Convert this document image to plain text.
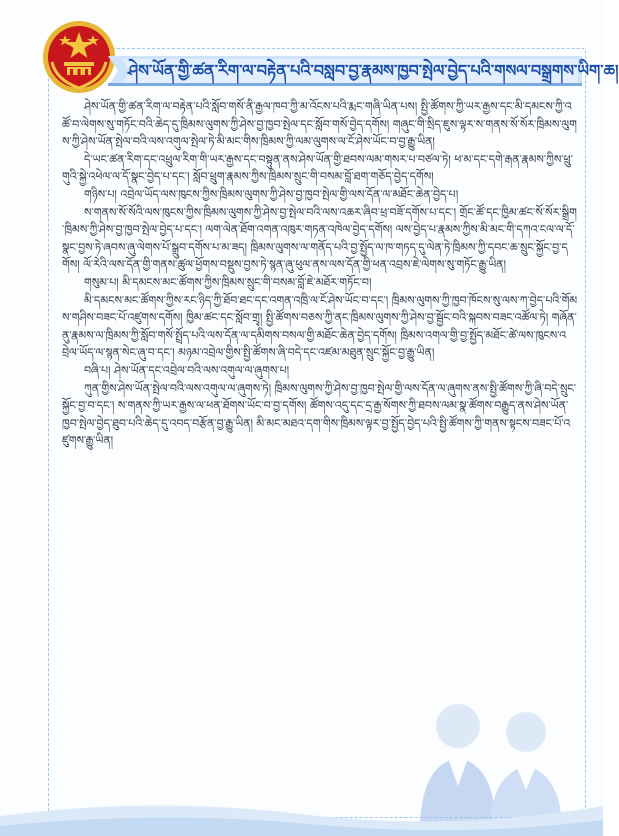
ཤེས་ཡོན་གྱི་ཚན་རིག་ལ་བརྟེན་པའི་བསླབ་བྱ་རྣམས་ཁྱབ་སྤེལ་བྱེད་པའི་གསལ་བསྒྲགས་ཡིག་ཆ།

ཤེས་ཡོན་གྱི་ཚན་རིག་ལ་བརྟེན་པའི་སློབ་གསོ་ནི་རྒྱལ་ཁབ་ཀྱི་མ་འོངས་པའི་རྨང་གཞི་ཡིན་པས། སྤྱི་ཚོགས་ཀྱི་ཡར་རྒྱས་དང་མི་དམངས་ཀྱི་འཚོ་བ་ལེགས་སུ་གཏོང་བའི་ཆེད་དུ་ཁྲིམས་ལུགས་ཀྱི་ཤེས་བྱ་ཁྱབ་སྤེལ་དང་སློབ་གསོ་བྱེད་དགོས། གཞུང་གི་སྲིད་ཇུས་ལྟར་ས་གནས་སོ་སོར་ཁྲིམས་ལུགས་ཀྱི་ཤེས་ཡོན་སྤེལ་བའི་ལས་འགུལ་སྤེལ་ཏེ་མི་མང་གིས་ཁྲིམས་ཀྱི་ལམ་ལུགས་ལ་ངོ་ཤེས་ཡོང་བ་བྱ་རྒྱུ་ཡིན།

དེ་ཡང་ཚན་རིག་དང་འཕྲུལ་རིག་གི་ཡར་རྒྱས་དང་བསྟུན་ནས་ཤེས་ཡོན་གྱི་ཐབས་ལམ་གསར་པ་བཙལ་ཏེ། ཕ་མ་དང་དགེ་རྒན་རྣམས་ཀྱིས་ཕྲུ་གུའི་སྐྱེ་འཕེལ་ལ་དོ་སྣང་བྱེད་པ་དང་། སློབ་ཕྲུག་རྣམས་ཀྱིས་ཁྲིམས་སྲུང་གི་བསམ་བློ་ཐག་གཅོད་བྱེད་དགོས།

གཉིས་པ། འབྲེལ་ཡོད་ལས་ཁུངས་ཀྱིས་ཁྲིམས་ལུགས་ཀྱི་ཤེས་བྱ་ཁྱབ་སྤེལ་གྱི་ལས་དོན་ལ་མཐོང་ཆེན་བྱེད་པ།

ས་གནས་སོ་སོའི་ལས་ཁུངས་ཀྱིས་ཁྲིམས་ལུགས་ཀྱི་ཤེས་བྱ་སྤེལ་བའི་ལས་འཆར་ཞིབ་ཕྲ་བཟོ་དགོས་པ་དང་། གྲོང་ཚོ་དང་ཁྱིམ་ཚང་སོ་སོར་སྒྲིག་ཁྲིམས་ཀྱི་ཤེས་བྱ་ཁྱབ་སྤེལ་བྱེད་པ་དང་། ལག་ལེན་ཐོག་འགན་འཁུར་གཏན་འཁེལ་བྱེད་དགོས། ལས་བྱེད་པ་རྣམས་ཀྱིས་མི་མང་གི་དཀའ་ངལ་ལ་དོ་སྣང་བྱས་ཏེ་ཞབས་ཞུ་ལེགས་པོ་སྒྲུབ་དགོས་པ་མ་ཟད། ཁྲིམས་ལུགས་ལ་གནོད་པའི་བྱ་སྤྱོད་ལ་ཁ་གཏད་དུ་ལེན་ཏེ་ཁྲིམས་ཀྱི་དབང་ཆ་སྲུང་སྐྱོང་བྱ་དགོས། ལོ་རེའི་ལས་དོན་གྱི་གནས་ཚུལ་ཕྱོགས་བསྡུས་བྱས་ཏེ་སྙན་ཞུ་ཕུལ་ནས་ལས་དོན་གྱི་ཕན་འབྲས་ཇེ་ལེགས་སུ་གཏོང་རྒྱུ་ཡིན།

གསུམ་པ། མི་དམངས་མང་ཚོགས་ཀྱིས་ཁྲིམས་སྲུང་གི་བསམ་བློ་ཇེ་མཐོར་གཏོང་བ།

མི་དམངས་མང་ཚོགས་ཀྱིས་རང་ཉིད་ཀྱི་ཐོབ་ཐང་དང་འགན་འཁྲི་ལ་ངོ་ཤེས་ཡོང་བ་དང་། ཁྲིམས་ལུགས་ཀྱི་ཁྱབ་ཁོངས་སུ་ལས་ཀ་བྱེད་པའི་གོམས་གཤིས་བཟང་པོ་འཛུགས་དགོས། ཁྱིམ་ཚང་དང་སློབ་གྲྭ། སྤྱི་ཚོགས་བཅས་ཀྱི་ནང་ཁྲིམས་ལུགས་ཀྱི་ཤེས་བྱ་སྦྱོང་བའི་སྐབས་བཟང་འཚོལ་ཏེ། གཞོན་ནུ་རྣམས་ལ་ཁྲིམས་ཀྱི་སློབ་གསོ་སྤྲོད་པའི་ལས་དོན་ལ་དམིགས་བསལ་གྱི་མཐོང་ཆེན་བྱེད་དགོས། ཁྲིམས་འགལ་གྱི་བྱ་སྤྱོད་མཐོང་ཚེ་ལས་ཁུངས་འབྲེལ་ཡོད་ལ་སྙན་སེང་ཞུ་བ་དང་། མཉམ་འབྲེལ་གྱིས་སྤྱི་ཚོགས་ཞི་བདེ་དང་འཛམ་མཐུན་སྲུང་སྐྱོང་བྱ་རྒྱུ་ཡིན།

བཞི་པ། ཤེས་ཡོན་དང་འབྲེལ་བའི་ལས་འགུལ་ལ་ཞུགས་པ།

ཀུན་གྱིས་ཤེས་ཡོན་སྤེལ་བའི་ལས་འགུལ་ལ་ཞུགས་ཏེ། ཁྲིམས་ལུགས་ཀྱི་ཤེས་བྱ་ཁྱབ་སྤེལ་གྱི་ལས་དོན་ལ་ཞུགས་ནས་སྤྱི་ཚོགས་ཀྱི་ཞི་བདེ་སྲུང་སྐྱོང་བྱ་བ་དང་། ས་གནས་ཀྱི་ཡར་རྒྱས་ལ་ཕན་ཐོགས་ཡོང་བ་བྱ་དགོས། ཚོགས་འདུ་དང་དྲ་རྒྱ་སོགས་ཀྱི་ཐབས་ལམ་སྣ་ཚོགས་བརྒྱུད་ནས་ཤེས་ཡོན་ཁྱབ་སྤེལ་བྱེད་ཐུབ་པའི་ཆེད་དུ་འབད་བརྩོན་བྱ་རྒྱུ་ཡིན། མི་མང་མཐའ་དག་གིས་ཁྲིམས་ལྟར་བྱ་སྤྱོད་བྱེད་པའི་སྤྱི་ཚོགས་ཀྱི་གནས་སྟངས་བཟང་པོ་འཛུགས་རྒྱུ་ཡིན།
